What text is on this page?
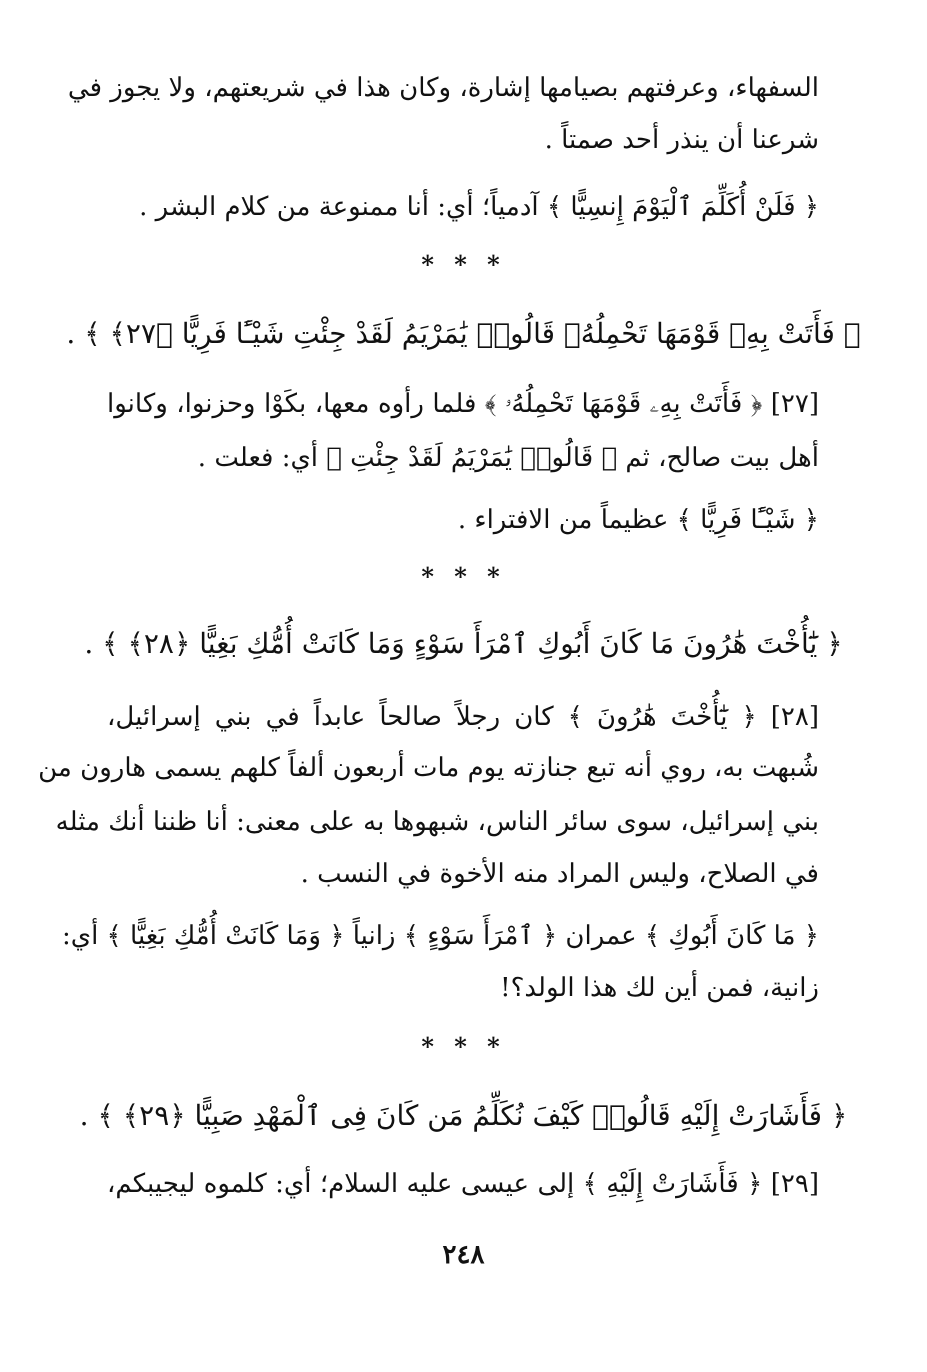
السفهاء، وعرفتهم بصيامها إشارة، وكان هذا في شريعتهم، ولا يجوز في
شرعنا أن ينذر أحد صمتاً .
﴿ فَلَنْ أُكَلِّمَ ٱلْيَوْمَ إِنسِيًّا ﴾ آدمياً؛ أي: أنا ممنوعة من كلام البشر .
* * *
﴿ فَأَتَتْ بِهِۦ قَوْمَهَا تَحْمِلُهُۥ قَالُوا۟ يَٰمَرْيَمُ لَقَدْ جِئْتِ شَيْـًٔا فَرِيًّا ﴿٢٧﴾ ﴾ .
[٢٧] ﴿ فَأَتَتْ بِهِۦ قَوْمَهَا تَحْمِلُهُۥ ﴾ فلما رأوه معها، بكَوْا وحزنوا، وكانوا
أهل بيت صالح، ثم ﴿ قَالُوا۟ يَٰمَرْيَمُ لَقَدْ جِئْتِ ﴾ أي: فعلت .
﴿ شَيْـًٔا فَرِيًّا ﴾ عظيماً من الافتراء .
* * *
﴿ يَٰٓأُخْتَ هَٰرُونَ مَا كَانَ أَبُوكِ ٱمْرَأَ سَوْءٍ وَمَا كَانَتْ أُمُّكِ بَغِيًّا ﴿٢٨﴾ ﴾ .
[٢٨] ﴿ يَٰٓأُخْتَ هَٰرُونَ ﴾ كان رجلاً صالحاً عابداً في بني إسرائيل،
شُبهت به، روي أنه تبع جنازته يوم مات أربعون ألفاً كلهم يسمى هارون من
بني إسرائيل، سوى سائر الناس، شبهوها به على معنى: أنا ظننا أنك مثله
في الصلاح، وليس المراد منه الأخوة في النسب .
﴿ مَا كَانَ أَبُوكِ ﴾ عمران ﴿ ٱمْرَأَ سَوْءٍ ﴾ زانياً ﴿ وَمَا كَانَتْ أُمُّكِ بَغِيًّا ﴾ أي:
زانية، فمن أين لك هذا الولد؟!
* * *
﴿ فَأَشَارَتْ إِلَيْهِ قَالُوا۟ كَيْفَ نُكَلِّمُ مَن كَانَ فِى ٱلْمَهْدِ صَبِيًّا ﴿٢٩﴾ ﴾ .
[٢٩] ﴿ فَأَشَارَتْ إِلَيْهِ ﴾ إلى عيسى عليه السلام؛ أي: كلموه ليجيبكم،
٢٤٨
